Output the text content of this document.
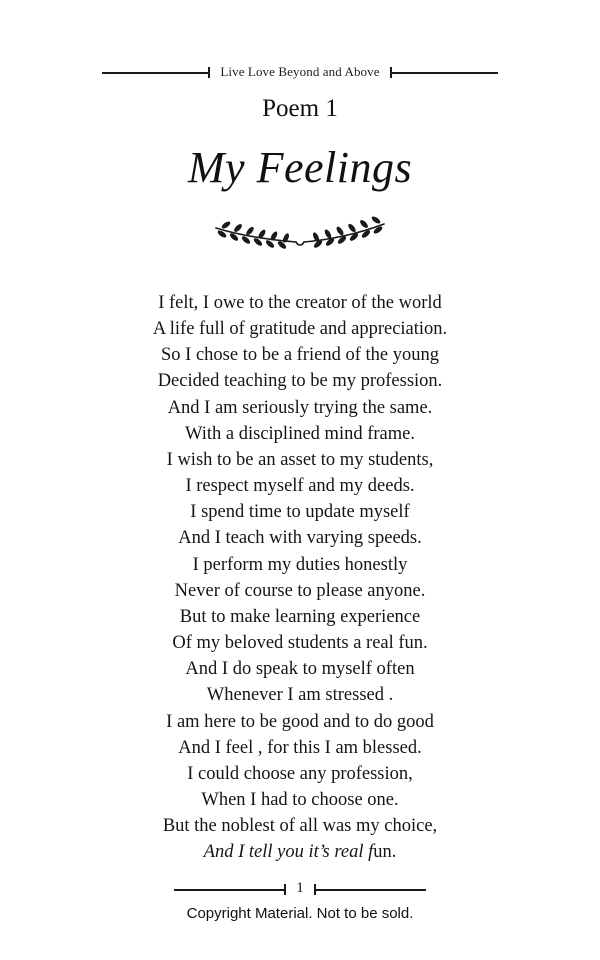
Live Love Beyond and Above
Poem 1
My Feelings
I felt, I owe to the creator of the world
A life full of gratitude and appreciation.
So I chose to be a friend of the young
Decided teaching to be my profession.
And I am seriously trying the same.
With a disciplined mind frame.
I wish to be an asset to my students,
I respect myself and my deeds.
I spend time to update myself
And I teach with varying speeds.
I perform my duties honestly
Never of course to please anyone.
But to make learning experience
Of my beloved students a real fun.
And I do speak to myself often
Whenever I am stressed .
I am here to be good and to do good
And I feel , for this I am blessed.
I could choose any profession,
When I had to choose one.
But the noblest of all was my choice,
And I tell you it’s real fun.
1
Copyright Material. Not to be sold.
